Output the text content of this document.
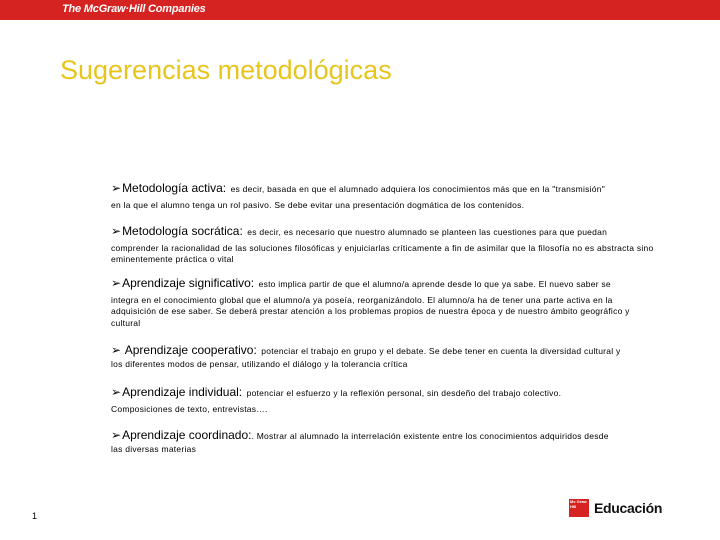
The McGraw·Hill Companies
Sugerencias metodológicas
➢Metodología activa: es decir, basada en que el alumnado adquiera los conocimientos más que en la "transmisión"
en la que el alumno tenga un rol pasivo. Se debe evitar una presentación dogmática de los contenidos.
➢Metodología socrática: es decir, es necesario que nuestro alumnado se planteen las cuestiones para que puedan
comprender la racionalidad de las soluciones filosóficas y enjuiciarlas críticamente a fin de asimilar que la filosofía no es abstracta sino eminentemente práctica o vital
➢Aprendizaje significativo: esto implica partir de que el alumno/a aprende desde lo que ya sabe. El nuevo saber se
integra en el conocimiento global que el alumno/a ya poseía, reorganizándolo. El alumno/a ha de tener una parte activa en la adquisición de ese saber. Se deberá prestar atención a los problemas propios de nuestra época y de nuestro ámbito geográfico y cultural
➢ Aprendizaje cooperativo: potenciar el trabajo en grupo y el debate. Se debe tener en cuenta la diversidad cultural y
los diferentes modos de pensar, utilizando el diálogo y la tolerancia crítica
➢Aprendizaje individual: potenciar el esfuerzo y la reflexión personal, sin desdeño del trabajo colectivo.
Composiciones de texto, entrevistas….
➢Aprendizaje coordinado:. Mostrar al alumnado la interrelación existente entre los conocimientos adquiridos desde
las diversas materias
1
Mc Graw Hill	Educación
